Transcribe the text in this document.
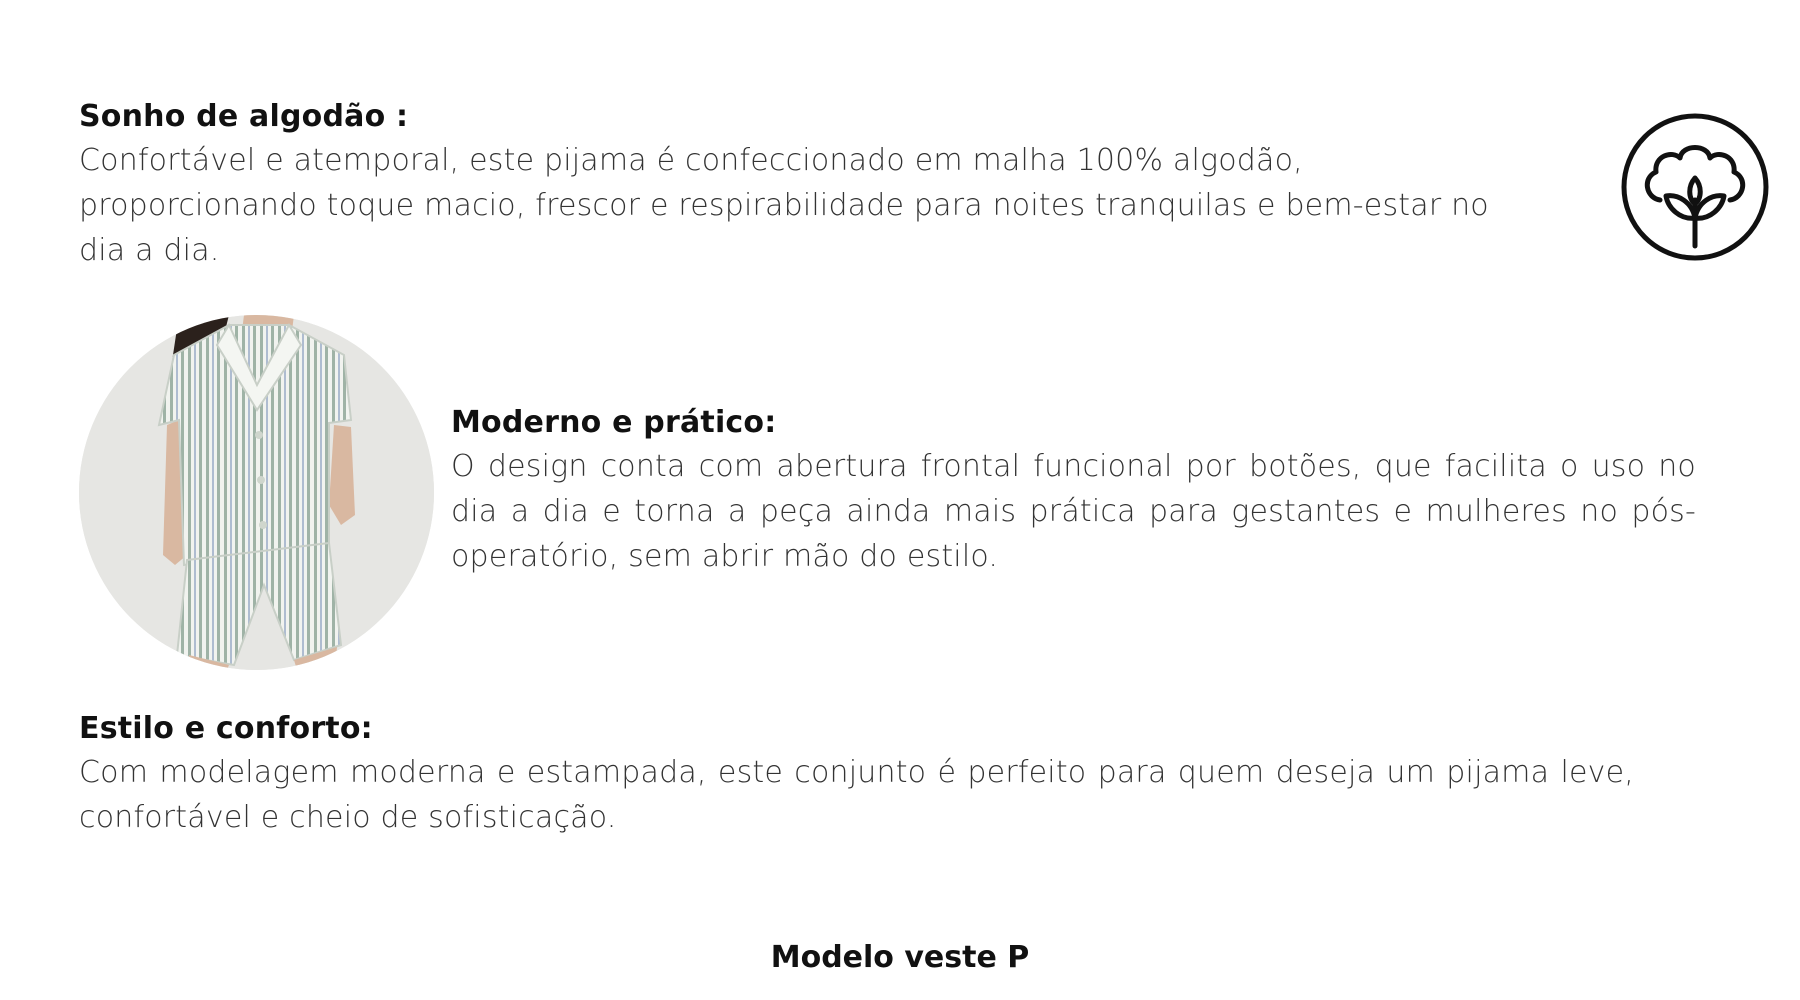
Sonho de algodão :
Confortável e atemporal, este pijama é confeccionado em malha 100% algodão, proporcionando toque macio, frescor e respirabilidade para noites tranquilas e bem-estar no dia a dia.
Moderno e prático:
O design conta com abertura frontal funcional por botões, que facilita o uso no dia a dia e torna a peça ainda mais prática para gestantes e mulheres no pós-operatório, sem abrir mão do estilo.
Estilo e conforto:
Com modelagem moderna e estampada, este conjunto é perfeito para quem deseja um pijama leve, confortável e cheio de sofisticação.
Modelo veste P
